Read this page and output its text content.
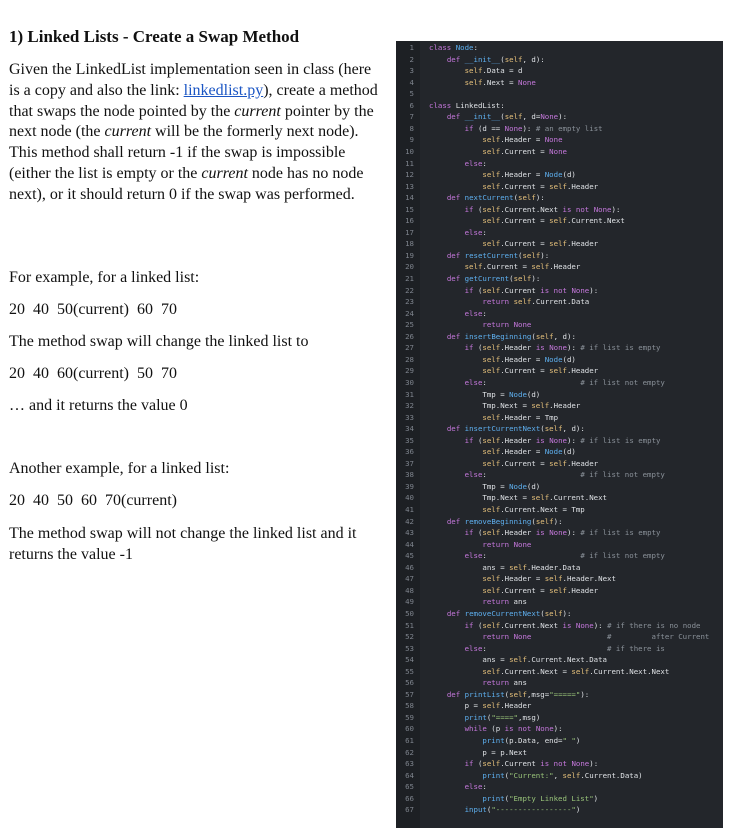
1) Linked Lists - Create a Swap Method
Given the LinkedList implementation seen in class (here is a copy and also the link: linkedlist.py), create a method that swaps the node pointed by the current pointer by the next node (the current will be the formerly next node). This method shall return -1 if the swap is impossible (either the list is empty or the current node has no node next), or it should return 0 if the swap was performed.
For example, for a linked list:
20  40  50(current)  60  70
The method swap will change the linked list to
20  40  60(current)  50  70
… and it returns the value 0
Another example, for a linked list:
20  40  50  60  70(current)
The method swap will not change the linked list and it returns the value -1
1 class Node:
2	def __init__(self, d):
3	self.Data = d
4	self.Next = None
5
6 class LinkedList:
7	def __init__(self, d=None):
8	if (d == None): # an empty list
9	self.Header = None
10	self.Current = None
11	else:
12	self.Header = Node(d)
13	self.Current = self.Header
14	def nextCurrent(self):
15	if (self.Current.Next is not None):
16	self.Current = self.Current.Next
17	else:
18	self.Current = self.Header
19	def resetCurrent(self):
20	self.Current = self.Header
21	def getCurrent(self):
22	if (self.Current is not None):
23	return self.Current.Data
24	else:
25	return None
26	def insertBeginning(self, d):
27	if (self.Header is None): # if list is empty
28	self.Header = Node(d)
29	self.Current = self.Header
30	else:                     # if list not empty
31 Tmp = Node(d)
32 Tmp.Next = self.Header
33	self.Header = Tmp
34	def insertCurrentNext(self, d):
35	if (self.Header is None): # if list is empty
36	self.Header = Node(d)
37	self.Current = self.Header
38	else:                     # if list not empty
39 Tmp = Node(d)
40 Tmp.Next = self.Current.Next
41	self.Current.Next = Tmp
42	def removeBeginning(self):
43	if (self.Header is None): # if list is empty
44	return None
45	else:                     # if list not empty
46 ans = self.Header.Data
47	self.Header = self.Header.Next
48	self.Current = self.Header
49	return ans
50	def removeCurrentNext(self):
51	if (self.Current.Next is None): # if there is no node
52	return None	#         after Current
53	else:                           # if there is
54 ans = self.Current.Next.Data
55	self.Current.Next = self.Current.Next.Next
56	return ans
57	def printList(self,msg="====="):
58 p = self.Header
59	print("====",msg)
60	while (p is not None):
61	print(p.Data, end=" ")
62 p = p.Next
63	if (self.Current is not None):
64	print("Current:", self.Current.Data)
65	else:
66	print("Empty Linked List")
67	input("-----------------")
